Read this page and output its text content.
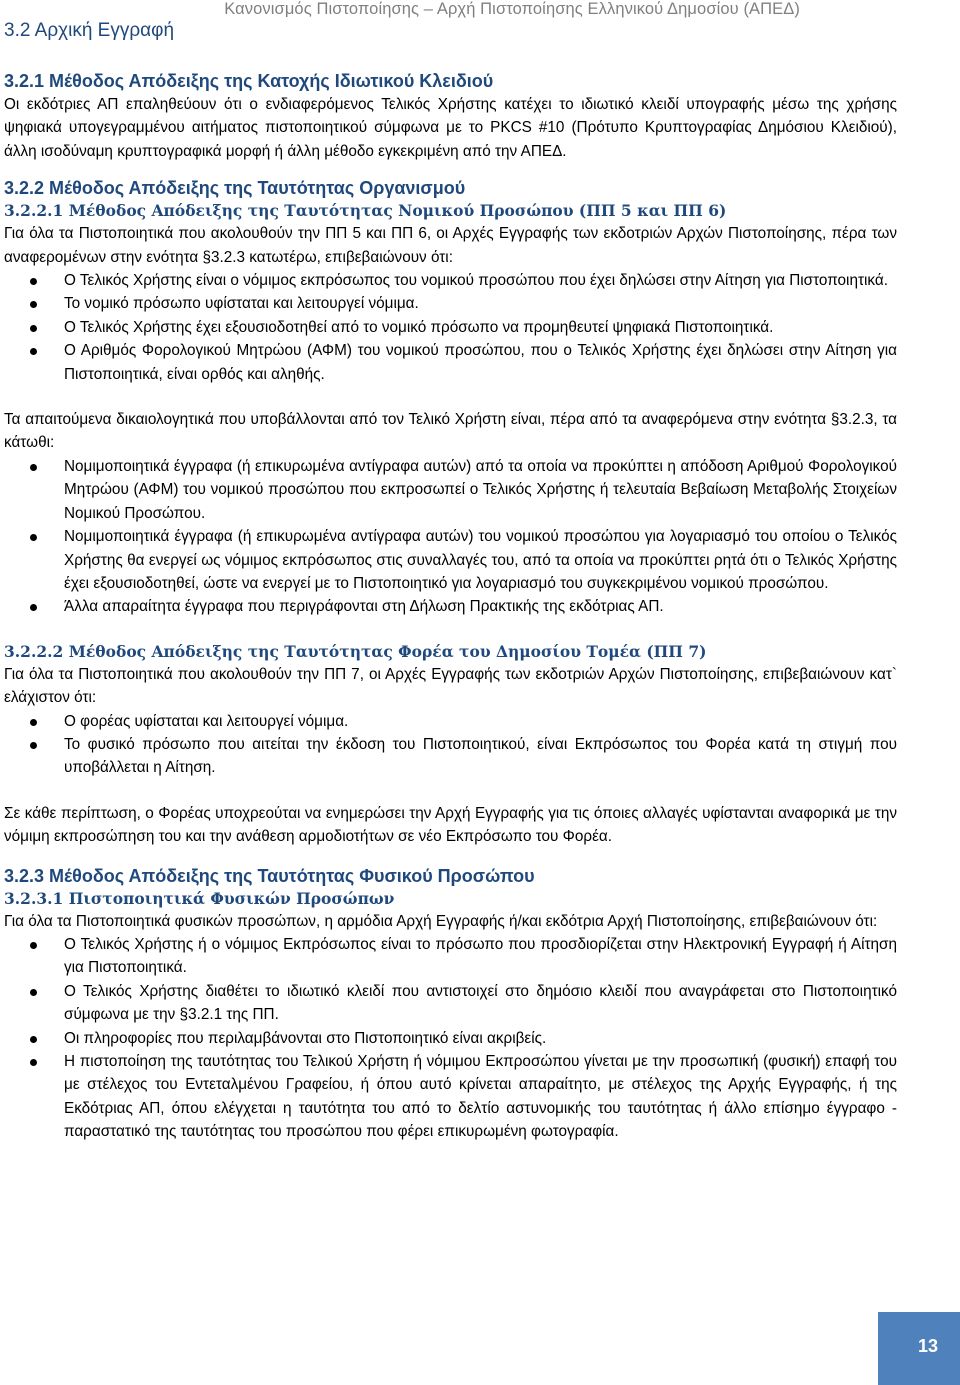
Κανονισμός Πιστοποίησης – Αρχή Πιστοποίησης Ελληνικού Δημοσίου (ΑΠΕΔ)
3.2 Αρχική Εγγραφή
3.2.1 Μέθοδος Απόδειξης της Κατοχής Ιδιωτικού Κλειδιού

Οι εκδότριες ΑΠ επαληθεύουν ότι ο ενδιαφερόμενος Τελικός Χρήστης κατέχει το ιδιωτικό κλειδί υπογραφής μέσω της χρήσης ψηφιακά υπογεγραμμένου αιτήματος πιστοποιητικού σύμφωνα με το PKCS #10 (Πρότυπο Κρυπτογραφίας Δημόσιου Κλειδιού), άλλη ισοδύναμη κρυπτογραφικά μορφή ή άλλη μέθοδο εγκεκριμένη από την ΑΠΕΔ.

3.2.2 Μέθοδος Απόδειξης της Ταυτότητας Οργανισμού
3.2.2.1 Μέθοδος Απόδειξης της Ταυτότητας Νομικού Προσώπου (ΠΠ 5 και ΠΠ 6)

Για όλα τα Πιστοποιητικά που ακολουθούν την ΠΠ 5 και ΠΠ 6, οι Αρχές Εγγραφής των εκδοτριών Αρχών Πιστοποίησης, πέρα των αναφερομένων στην ενότητα §3.2.3 κατωτέρω, επιβεβαιώνουν ότι:

Ο Τελικός Χρήστης είναι ο νόμιμος εκπρόσωπος του νομικού προσώπου που έχει δηλώσει στην Αίτηση για Πιστοποιητικά.
Το νομικό πρόσωπο υφίσταται και λειτουργεί νόμιμα.
Ο Τελικός Χρήστης έχει εξουσιοδοτηθεί από το νομικό πρόσωπο να προμηθευτεί ψηφιακά Πιστοποιητικά.
Ο Αριθμός Φορολογικού Μητρώου (ΑΦΜ) του νομικού προσώπου, που ο Τελικός Χρήστης έχει δηλώσει στην Αίτηση για Πιστοποιητικά, είναι ορθός και αληθής.

Τα απαιτούμενα δικαιολογητικά που υποβάλλονται από τον Τελικό Χρήστη είναι, πέρα από τα αναφερόμενα στην ενότητα §3.2.3, τα κάτωθι:

Νομιμοποιητικά έγγραφα (ή επικυρωμένα αντίγραφα αυτών) από τα οποία να προκύπτει η απόδοση Αριθμού Φορολογικού Μητρώου (ΑΦΜ) του νομικού προσώπου που εκπροσωπεί ο Τελικός Χρήστης ή τελευταία Βεβαίωση Μεταβολής Στοιχείων Νομικού Προσώπου.
Νομιμοποιητικά έγγραφα (ή επικυρωμένα αντίγραφα αυτών) του νομικού προσώπου για λογαριασμό του οποίου ο Τελικός Χρήστης θα ενεργεί ως νόμιμος εκπρόσωπος στις συναλλαγές του, από τα οποία να προκύπτει ρητά ότι ο Τελικός Χρήστης έχει εξουσιοδοτηθεί, ώστε να ενεργεί με το Πιστοποιητικό για λογαριασμό του συγκεκριμένου νομικού προσώπου.
Άλλα απαραίτητα έγγραφα που περιγράφονται στη Δήλωση Πρακτικής της εκδότριας ΑΠ.
3.2.2.2 Μέθοδος Απόδειξης της Ταυτότητας Φορέα του Δημοσίου Τομέα (ΠΠ 7)

Για όλα τα Πιστοποιητικά που ακολουθούν την ΠΠ 7, οι Αρχές Εγγραφής των εκδοτριών Αρχών Πιστοποίησης, επιβεβαιώνουν κατ` ελάχιστον ότι:

Ο φορέας υφίσταται και λειτουργεί νόμιμα.
Το φυσικό πρόσωπο που αιτείται την έκδοση του Πιστοποιητικού, είναι Εκπρόσωπος του Φορέα κατά τη στιγμή που υποβάλλεται η Αίτηση.

Σε κάθε περίπτωση, ο Φορέας υποχρεούται να ενημερώσει την Αρχή Εγγραφής για τις όποιες αλλαγές υφίστανται αναφορικά με την νόμιμη εκπροσώπηση του και την ανάθεση αρμοδιοτήτων σε νέο Εκπρόσωπο του Φορέα.

3.2.3 Μέθοδος Απόδειξης της Ταυτότητας Φυσικού Προσώπου
3.2.3.1 Πιστοποιητικά Φυσικών Προσώπων

Για όλα τα Πιστοποιητικά φυσικών προσώπων, η αρμόδια Αρχή Εγγραφής ή/και εκδότρια Αρχή Πιστοποίησης, επιβεβαιώνουν ότι:

Ο Τελικός Χρήστης ή ο νόμιμος Εκπρόσωπος είναι το πρόσωπο που προσδιορίζεται στην Ηλεκτρονική Εγγραφή ή Αίτηση για Πιστοποιητικά.
Ο Τελικός Χρήστης διαθέτει το ιδιωτικό κλειδί που αντιστοιχεί στο δημόσιο κλειδί που αναγράφεται στο Πιστοποιητικό σύμφωνα με την §3.2.1 της ΠΠ.
Οι πληροφορίες που περιλαμβάνονται στο Πιστοποιητικό είναι ακριβείς.
Η πιστοποίηση της ταυτότητας του Τελικού Χρήστη ή νόμιμου Εκπροσώπου γίνεται με την προσωπική (φυσική) επαφή του με στέλεχος του Εντεταλμένου Γραφείου, ή όπου αυτό κρίνεται απαραίτητο, με στέλεχος της Αρχής Εγγραφής, ή της Εκδότριας ΑΠ, όπου ελέγχεται η ταυτότητα του από το δελτίο αστυνομικής του ταυτότητας ή άλλο επίσημο έγγραφο - παραστατικό της ταυτότητας του προσώπου που φέρει επικυρωμένη φωτογραφία.
13
